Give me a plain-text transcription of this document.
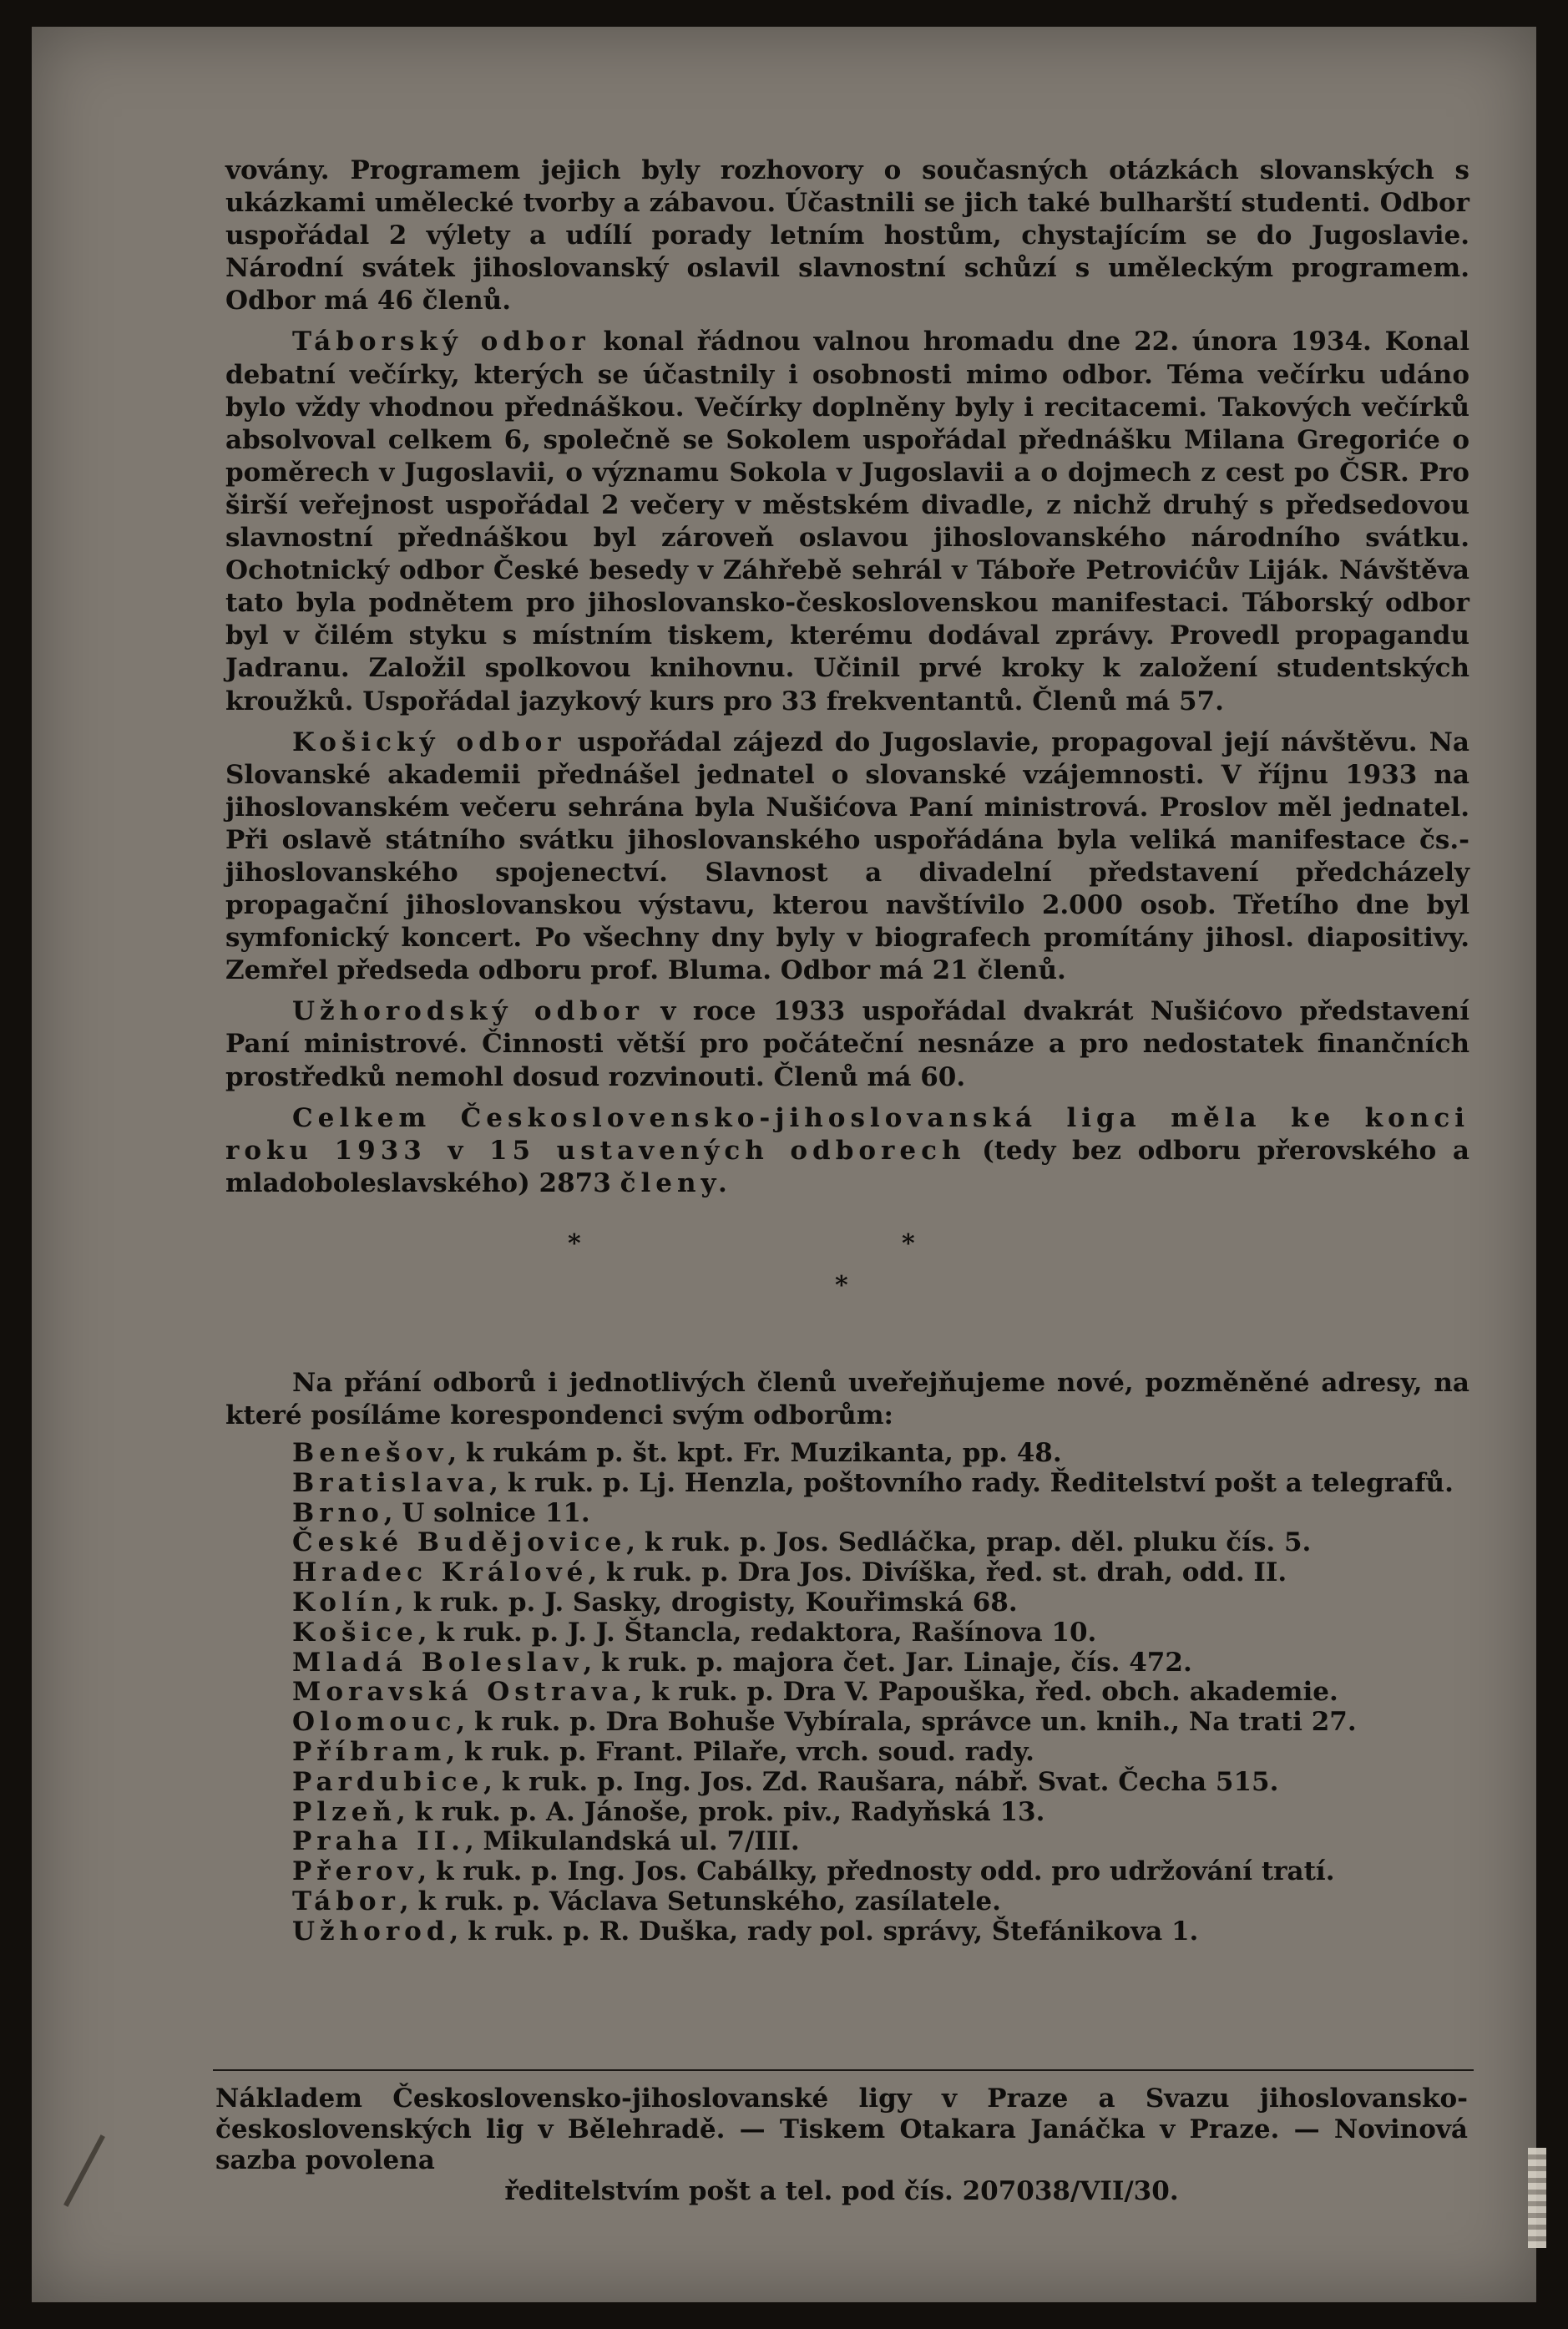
vovány. Programem jejich byly rozhovory o současných otázkách slovanských s ukázkami umělecké tvorby a zábavou. Účastnili se jich také bulharští studenti. Odbor uspořádal 2 výlety a udílí porady letním hostům, chystajícím se do Jugoslavie. Národní svátek jihoslovanský oslavil slavnostní schůzí s uměleckým programem. Odbor má 46 členů.

Táborský odbor konal řádnou valnou hromadu dne 22. února 1934. Konal debatní večírky, kterých se účastnily i osobnosti mimo odbor. Téma večírku udáno bylo vždy vhodnou přednáškou. Večírky doplněny byly i recitacemi. Takových večírků absolvoval celkem 6, společně se Sokolem uspořádal přednášku Milana Gregoriće o poměrech v Jugoslavii, o významu Sokola v Jugoslavii a o dojmech z cest po ČSR. Pro širší veřejnost uspořádal 2 večery v městském divadle, z nichž druhý s předsedovou slavnostní přednáškou byl zároveň oslavou jihoslovanského národního svátku. Ochotnický odbor České besedy v Záhřebě sehrál v Táboře Petrovićův Liják. Návštěva tato byla podnětem pro jihoslovansko-československou manifestaci. Táborský odbor byl v čilém styku s místním tiskem, kterému dodával zprávy. Provedl propagandu Jadranu. Založil spolkovou knihovnu. Učinil prvé kroky k založení studentských kroužků. Uspořádal jazykový kurs pro 33 frekventantů. Členů má 57.

Košický odbor uspořádal zájezd do Jugoslavie, propagoval její návštěvu. Na Slovanské akademii přednášel jednatel o slovanské vzájemnosti. V říjnu 1933 na jihoslovanském večeru sehrána byla Nušićova Paní ministrová. Proslov měl jednatel. Při oslavě státního svátku jihoslovanského uspořádána byla veliká manifestace čs.-jihoslovanského spojenectví. Slavnost a divadelní představení předcházely propagační jihoslovanskou výstavu, kterou navštívilo 2.000 osob. Třetího dne byl symfonický koncert. Po všechny dny byly v biografech promítány jihosl. diapositivy. Zemřel předseda odboru prof. Bluma. Odbor má 21 členů.

Užhorodský odbor v roce 1933 uspořádal dvakrát Nušićovo představení Paní ministrové. Činnosti větší pro počáteční nesnáze a pro nedostatek finančních prostředků nemohl dosud rozvinouti. Členů má 60.

Celkem Československo-jihoslovanská liga měla ke konci roku 1933 v 15 ustavených odborech (tedy bez odboru přerovského a mladoboleslavského) 2873 členy.

*	*
*

Na přání odborů i jednotlivých členů uveřejňujeme nové, pozměněné adresy, na které posíláme korespondenci svým odborům:

Benešov, k rukám p. št. kpt. Fr. Muzikanta, pp. 48.
Bratislava, k ruk. p. Lj. Henzla, poštovního rady. Ředitelství pošt a telegrafů.
Brno, U solnice 11.
České Budějovice, k ruk. p. Jos. Sedláčka, prap. děl. pluku čís. 5.
Hradec Králové, k ruk. p. Dra Jos. Divíška, řed. st. drah, odd. II.
Kolín, k ruk. p. J. Sasky, drogisty, Kouřimská 68.
Košice, k ruk. p. J. J. Štancla, redaktora, Rašínova 10.
Mladá Boleslav, k ruk. p. majora čet. Jar. Linaje, čís. 472.
Moravská Ostrava, k ruk. p. Dra V. Papouška, řed. obch. akademie.
Olomouc, k ruk. p. Dra Bohuše Vybírala, správce un. knih., Na trati 27.
Příbram, k ruk. p. Frant. Pilaře, vrch. soud. rady.
Pardubice, k ruk. p. Ing. Jos. Zd. Raušara, nábř. Svat. Čecha 515.
Plzeň, k ruk. p. A. Jánoše, prok. piv., Radyňská 13.
Praha II., Mikulandská ul. 7/III.
Přerov, k ruk. p. Ing. Jos. Cabálky, přednosty odd. pro udržování tratí.
Tábor, k ruk. p. Václava Setunského, zasílatele.
Užhorod, k ruk. p. R. Duška, rady pol. správy, Štefánikova 1.
Nákladem Československo-jihoslovanské ligy v Praze a Svazu jihoslovansko-československých lig v Bělehradě. — Tiskem Otakara Janáčka v Praze. — Novinová sazba povolena
ředitelstvím pošt a tel. pod čís. 207038/VII/30.
